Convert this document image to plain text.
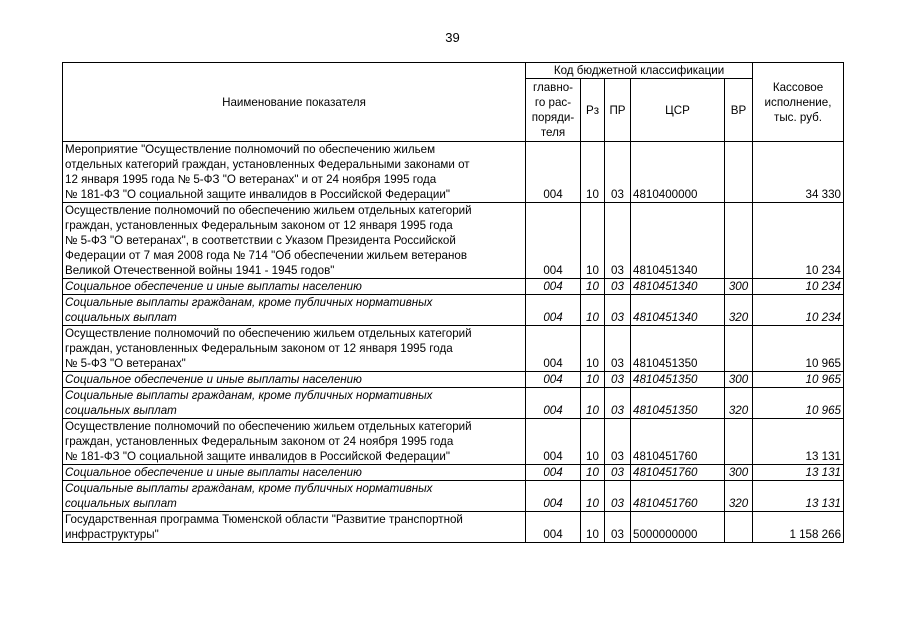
39
Наименование показателя	Код бюджетной классификации					Кассовое
исполнение,
тыс. руб.
	главно-
го рас-
поряди-
теля	Рз	ПР	ЦСР	ВР	
Мероприятие "Осуществление полномочий по обеспечению жильем
отдельных категорий граждан, установленных Федеральными законами от
12 января 1995 года № 5-ФЗ "О ветеранах" и от 24 ноября 1995 года
№ 181-ФЗ "О социальной защите инвалидов в Российской Федерации"	004	10	03	4810400000		34 330
Осуществление полномочий по обеспечению жильем отдельных категорий
граждан, установленных Федеральным законом от 12 января 1995 года
№ 5-ФЗ "О ветеранах", в соответствии с Указом Президента Российской
Федерации от 7 мая 2008 года № 714 "Об обеспечении жильем ветеранов
Великой Отечественной войны 1941 - 1945 годов"	004	10	03	4810451340		10 234
Социальное обеспечение и иные выплаты населению	004	10	03	4810451340	300	10 234
Социальные выплаты гражданам, кроме публичных нормативных
социальных выплат	004	10	03	4810451340	320	10 234
Осуществление полномочий по обеспечению жильем отдельных категорий
граждан, установленных Федеральным законом от 12 января 1995 года
№ 5-ФЗ "О ветеранах"	004	10	03	4810451350		10 965
Социальное обеспечение и иные выплаты населению	004	10	03	4810451350	300	10 965
Социальные выплаты гражданам, кроме публичных нормативных
социальных выплат	004	10	03	4810451350	320	10 965
Осуществление полномочий по обеспечению жильем отдельных категорий
граждан, установленных Федеральным законом от 24 ноября 1995 года
№ 181-ФЗ "О социальной защите инвалидов в Российской Федерации"	004	10	03	4810451760		13 131
Социальное обеспечение и иные выплаты населению	004	10	03	4810451760	300	13 131
Социальные выплаты гражданам, кроме публичных нормативных
социальных выплат	004	10	03	4810451760	320	13 131
Государственная программа Тюменской области "Развитие транспортной
инфраструктуры"	004	10	03	5000000000		1 158 266
